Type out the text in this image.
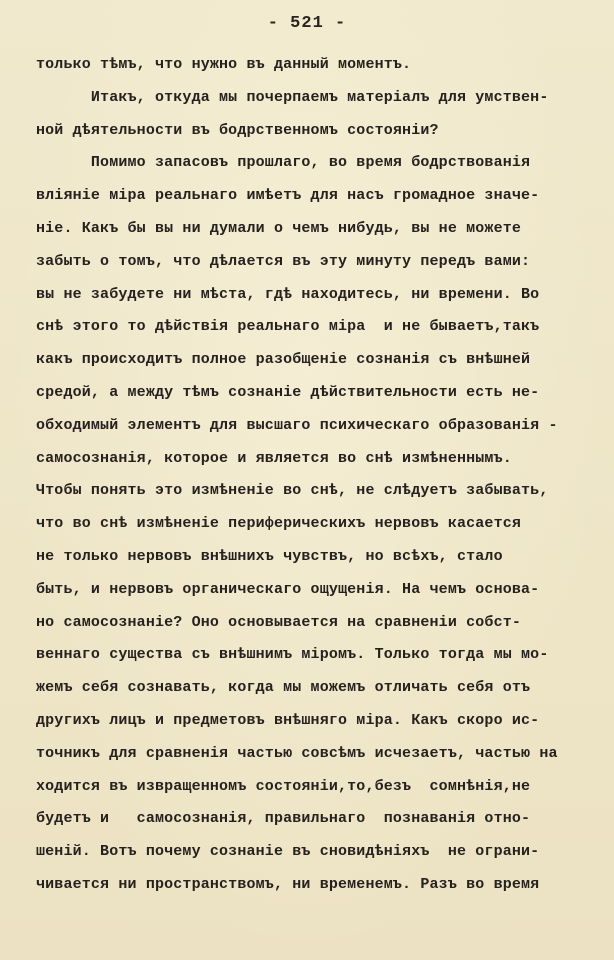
- 521 -
только тѣмъ, что нужно въ данный моментъ.
Итакъ, откуда мы почерпаемъ матеріалъ для умствен-
ной дѣятельности въ бодрственномъ состояніи?
Помимо запасовъ прошлаго, во время бодрствованія
вліяніе міра реальнаго имѣетъ для насъ громадное значе-
ніе. Какъ бы вы ни думали о чемъ нибудь, вы не можете
забыть о томъ, что дѣлается въ эту минуту передъ вами:
вы не забудете ни мѣста, гдѣ находитесь, ни времени. Во
снѣ этого то дѣйствія реальнаго міра  и не бываетъ,такъ
какъ происходитъ полное разобщеніе сознанія съ внѣшней
средой, а между тѣмъ сознаніе дѣйствительности есть не-
обходимый элементъ для высшаго психическаго образованія -
самосознанія, которое и является во снѣ измѣненнымъ.
Чтобы понять это измѣненіе во снѣ, не слѣдуетъ забывать,
что во снѣ измѣненіе периферическихъ нервовъ касается
не только нервовъ внѣшнихъ чувствъ, но всѣхъ, стало
быть, и нервовъ органическаго ощущенія. На чемъ основа-
но самосознаніе? Оно основывается на сравненіи собст-
веннаго существа съ внѣшнимъ міромъ. Только тогда мы мо-
жемъ себя сознавать, когда мы можемъ отличать себя отъ
другихъ лицъ и предметовъ внѣшняго міра. Какъ скоро ис-
точникъ для сравненія частью совсѣмъ исчезаетъ, частью на
ходится въ извращенномъ состояніи,то,безъ  сомнѣнія,не
будетъ и   самосознанія, правильнаго  познаванія отно-
шеній. Вотъ почему сознаніе въ сновидѣніяхъ  не ограни-
чивается ни пространствомъ, ни временемъ. Разъ во время
